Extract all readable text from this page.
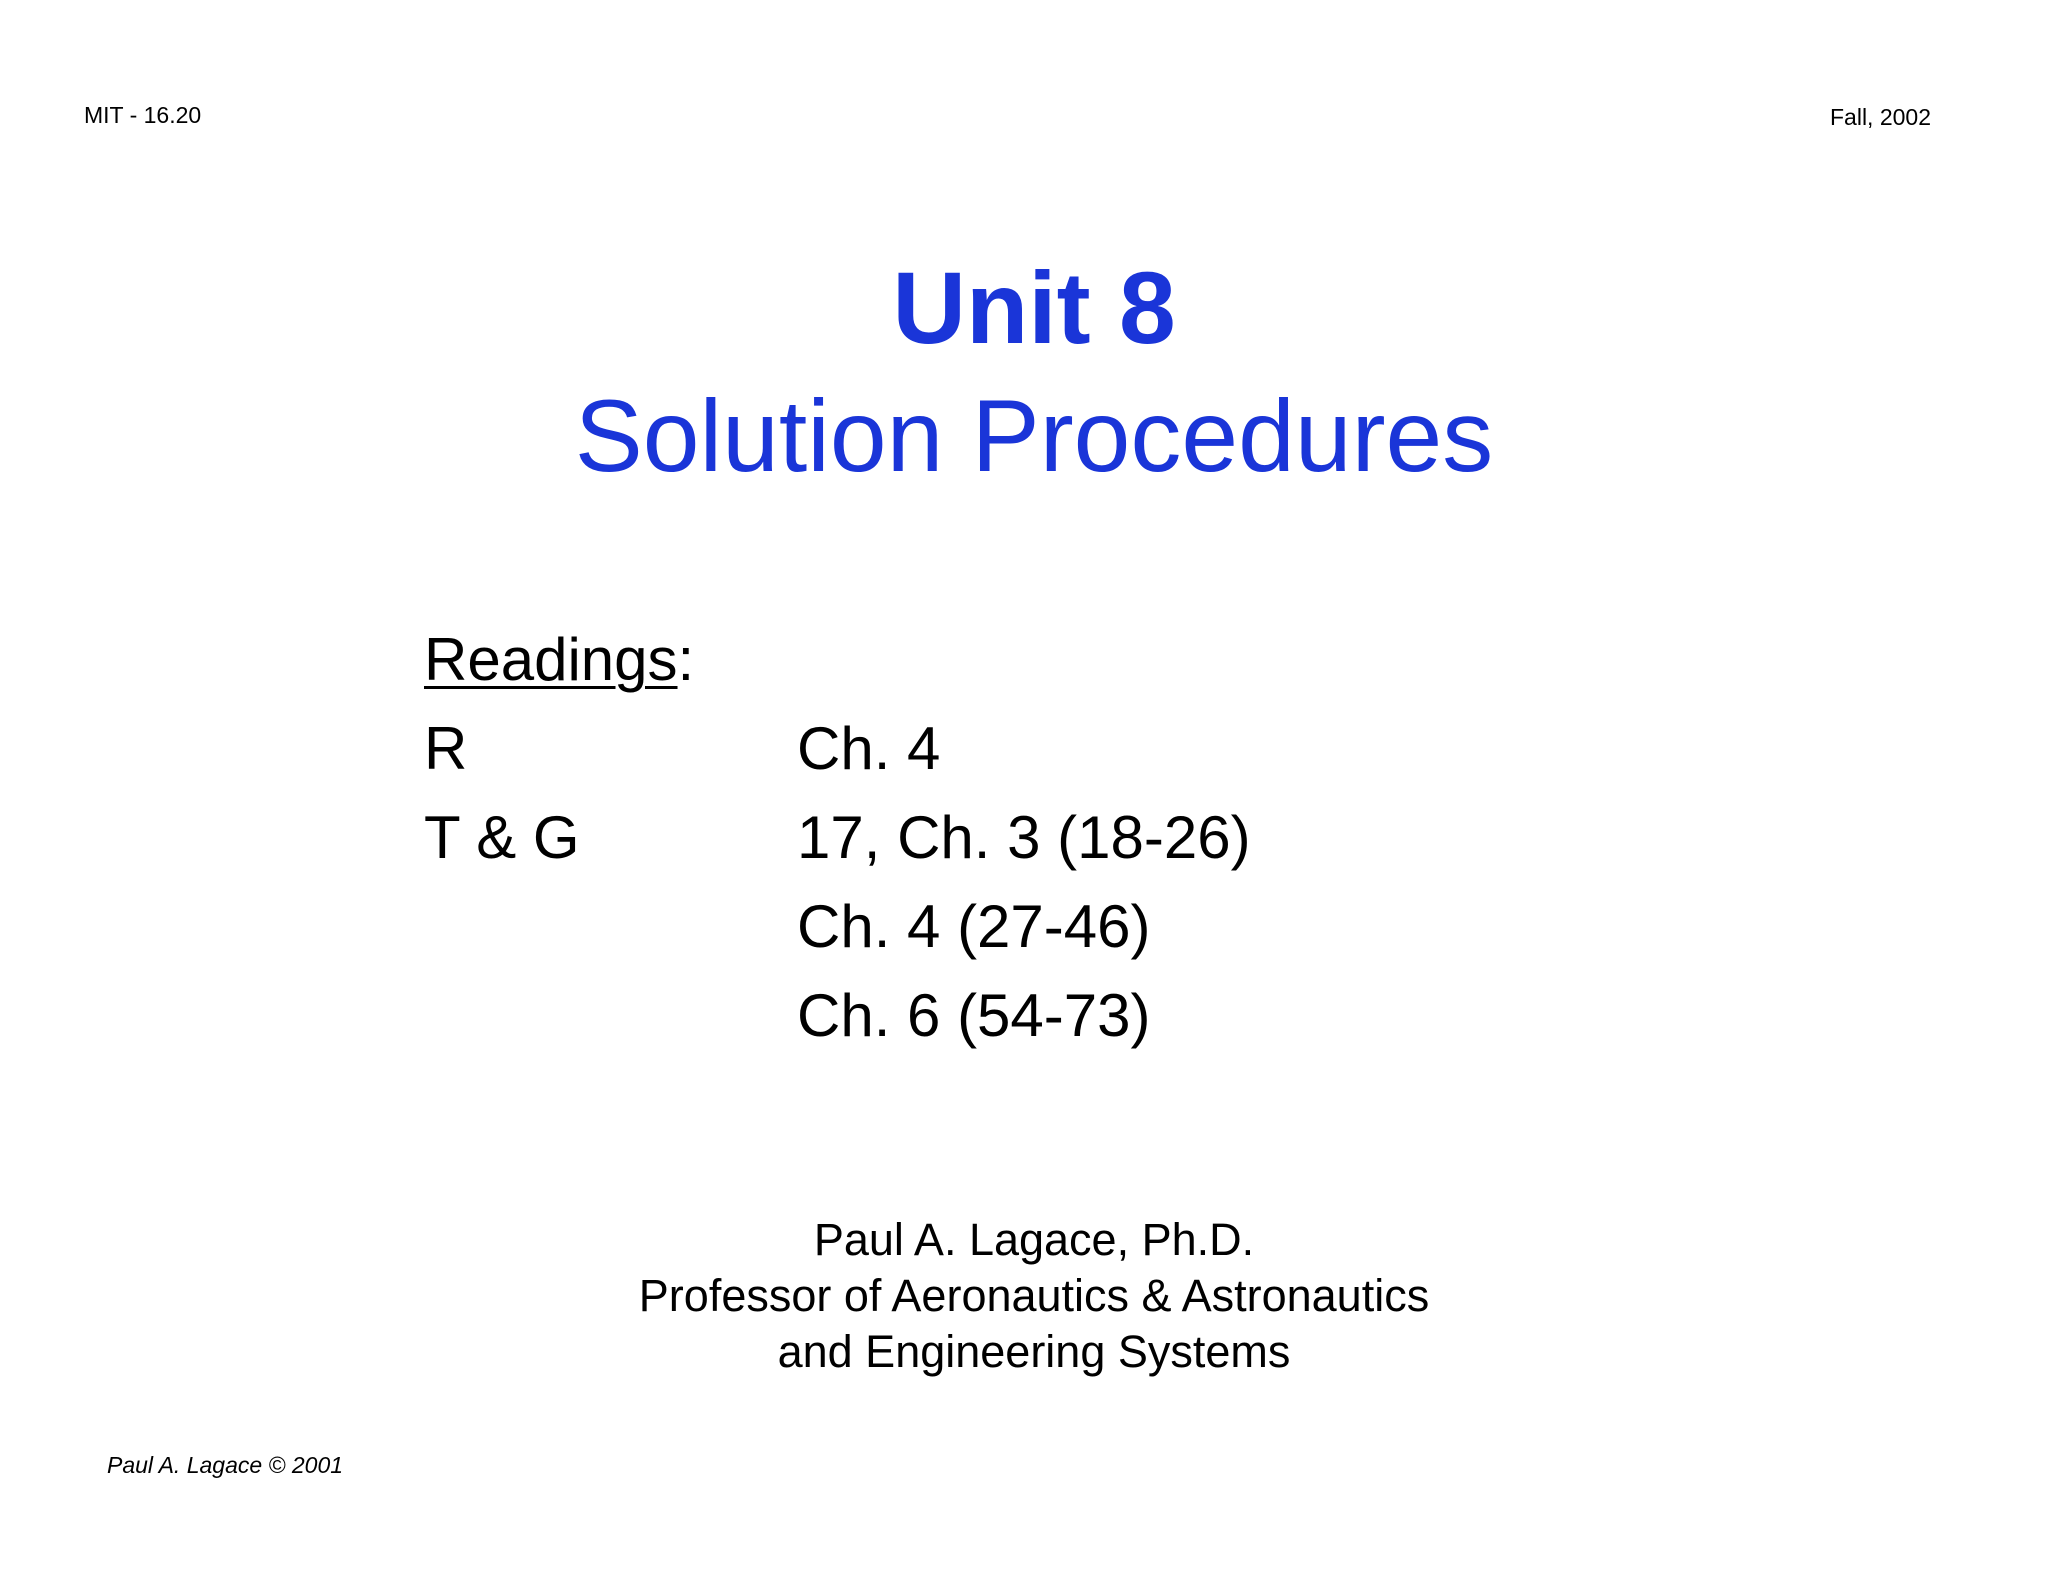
MIT - 16.20	Fall, 2002
Unit 8
Solution Procedures
Readings :
R	Ch. 4
T & G	17, Ch. 3 (18-26)
Ch. 4 (27-46)
Ch. 6 (54-73)
Paul A. Lagace, Ph.D.
Professor of Aeronautics & Astronautics
and Engineering Systems
Paul A. Lagace © 2001
